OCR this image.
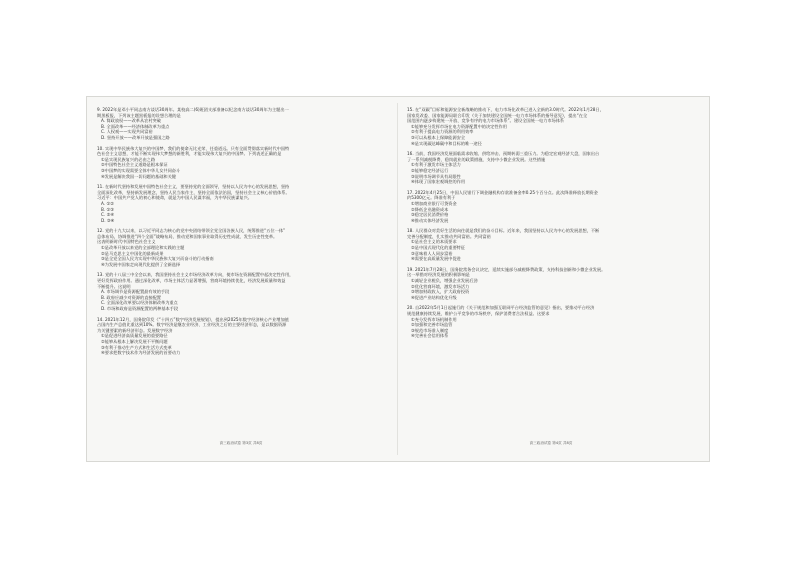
9. 2022年是邓小平同志南方谈话30周年。某校高二(6)班团支部准备以纪念南方谈话30周年为主题出一
期黑板报，下列该主题黑板报的设想合理的是
A. 简政放权——改革从农村突破
B. 全面改革——经济体制改革为重点
C. 人权观——实现共同富裕
D. 坚持开放——改革开放是强国之路
10. 实现中华民族伟大复兴的中国梦，我们的使命无比光荣、任重道远。只有全面贯彻落实新时代中国特
色社会主义思想，才能不断实现伟大梦想的新胜利，才能实现伟大复兴的中国梦。下列表述正确的是
①是实现民族复兴的必由之路
②中国特色社会主义道路是根本保证
③中国梦的实现需要全体中华儿女共同奋斗
④发展是解决我国一切问题的基础和关键
11. 在新时代坚持和发展中国特色社会主义，要坚持党的全面领导，坚持以人民为中心的发展思想，坚持
全面深化改革，坚持新发展理念，坚持人民当家作主，坚持全面依法治国，坚持社会主义核心价值体系。
习近平：中国共产党人的初心和使命，就是为中国人民谋幸福，为中华民族谋复兴。
A. ①②
B. ①③
C. ②④
D. ③④
12. 党的十九大以来，以习近平同志为核心的党中央团结带领全党全国各族人民，统筹推进“五位一体”
总体布局，协调推进“四个全面”战略布局，推动党和国家事业取得历史性成就、发生历史性变革。
这表明新时代中国特色社会主义
①是改革开放以来党的全部理论和实践的主题
②是马克思主义中国化的最新成果
③是全党全国人民为实现中华民族伟大复兴而奋斗的行动指南
④为发展中国家走向现代化提供了全新选择
13. 党的十八届三中全会以来，我国坚持社会主义市场经济改革方向，使市场在资源配置中起决定性作用，
更好发挥政府作用。通过深化改革，市场主体活力显著增强，营商环境持续优化，经济发展质量和效益
不断提升。这说明
A. 市场调节是资源配置最有效的手段
B. 政府应减少对资源的直接配置
C. 全面深化改革要以经济体制改革为重点
D. 市场和政府是资源配置的两种基本手段
14. 2021年12月，国务院印发《“十四五”数字经济发展规划》，提出到2025年数字经济核心产业增加值
占国内生产总值比重达到10%。数字经济是继农业经济、工业经济之后的主要经济形态，是以数据资源
为关键要素的新经济形态。发展数字经济
①是促进经济高质量发展的重要路径
②能够从根本上解决发展不平衡问题
③有利于推动生产方式和生活方式变革
④要求把数字技术作为经济发展的首要动力
高三政治试卷 第3页 共8页
15. 在“双碳”目标和能源安全新战略的推动下，电力市场化改革已进入全新的3.0时代。2022年1月28日，
国家发改委、国家能源局联合印发《关于加快建设全国统一电力市场体系的指导意见》，提出“在全
国范围内逐步构建统一开放、竞争有序的电力市场体系”。建设全国统一电力市场体系
①能够充分发挥市场在电力资源配置中的决定性作用
②有利于提高电力资源的利用效率
③可以从根本上保障能源安全
④是实现碳达峰碳中和目标的唯一途径
16. 当前，我国经济发展面临需求收缩、供给冲击、预期转弱三重压力。为稳定宏观经济大盘，国家出台
了一系列减税降费、稳岗就业的政策措施，支持中小微企业发展。这些措施
①有利于激发市场主体活力
②能够稳定经济运行
③说明市场调节具有局限性
④体现了国家宏观调控的作用
17. 2022年4月25日，中国人民银行下调金融机构存款准备金率0.25个百分点。此次降准释放长期资金
约5300亿元。降准有利于
①增加商业银行可贷资金
②降低企业融资成本
③稳定居民消费价格
④推动实体经济发展
18. 人民群众对美好生活的向往就是我们的奋斗目标。近年来，我国坚持以人民为中心的发展思想，不断
完善分配制度，扎实推动共同富裕。共同富裕
①是社会主义的本质要求
②是中国式现代化的重要特征
③意味着人人同步富裕
④需要在高质量发展中促进
19. 2021年7月28日，国务院常务会议决定，延续实施部分减税降费政策，支持科技创新和小微企业发展。
这一举措对经济发展的积极影响是
①减轻企业税负，增强企业发展后劲
②优化营商环境，激发市场活力
③增加财政收入，扩大政府投资
④促进产业结构优化升级
20. 自2022年5月1日起施行的《关于规范和加强互联网平台经济监管的意见》指出，要推动平台经济
规范健康持续发展，维护公平竞争的市场秩序，保护消费者合法权益。这要求
①充分发挥市场机制作用
②加强和完善市场监管
③规范市场准入制度
④完善社会信用体系
高三政治试卷 第4页 共8页
